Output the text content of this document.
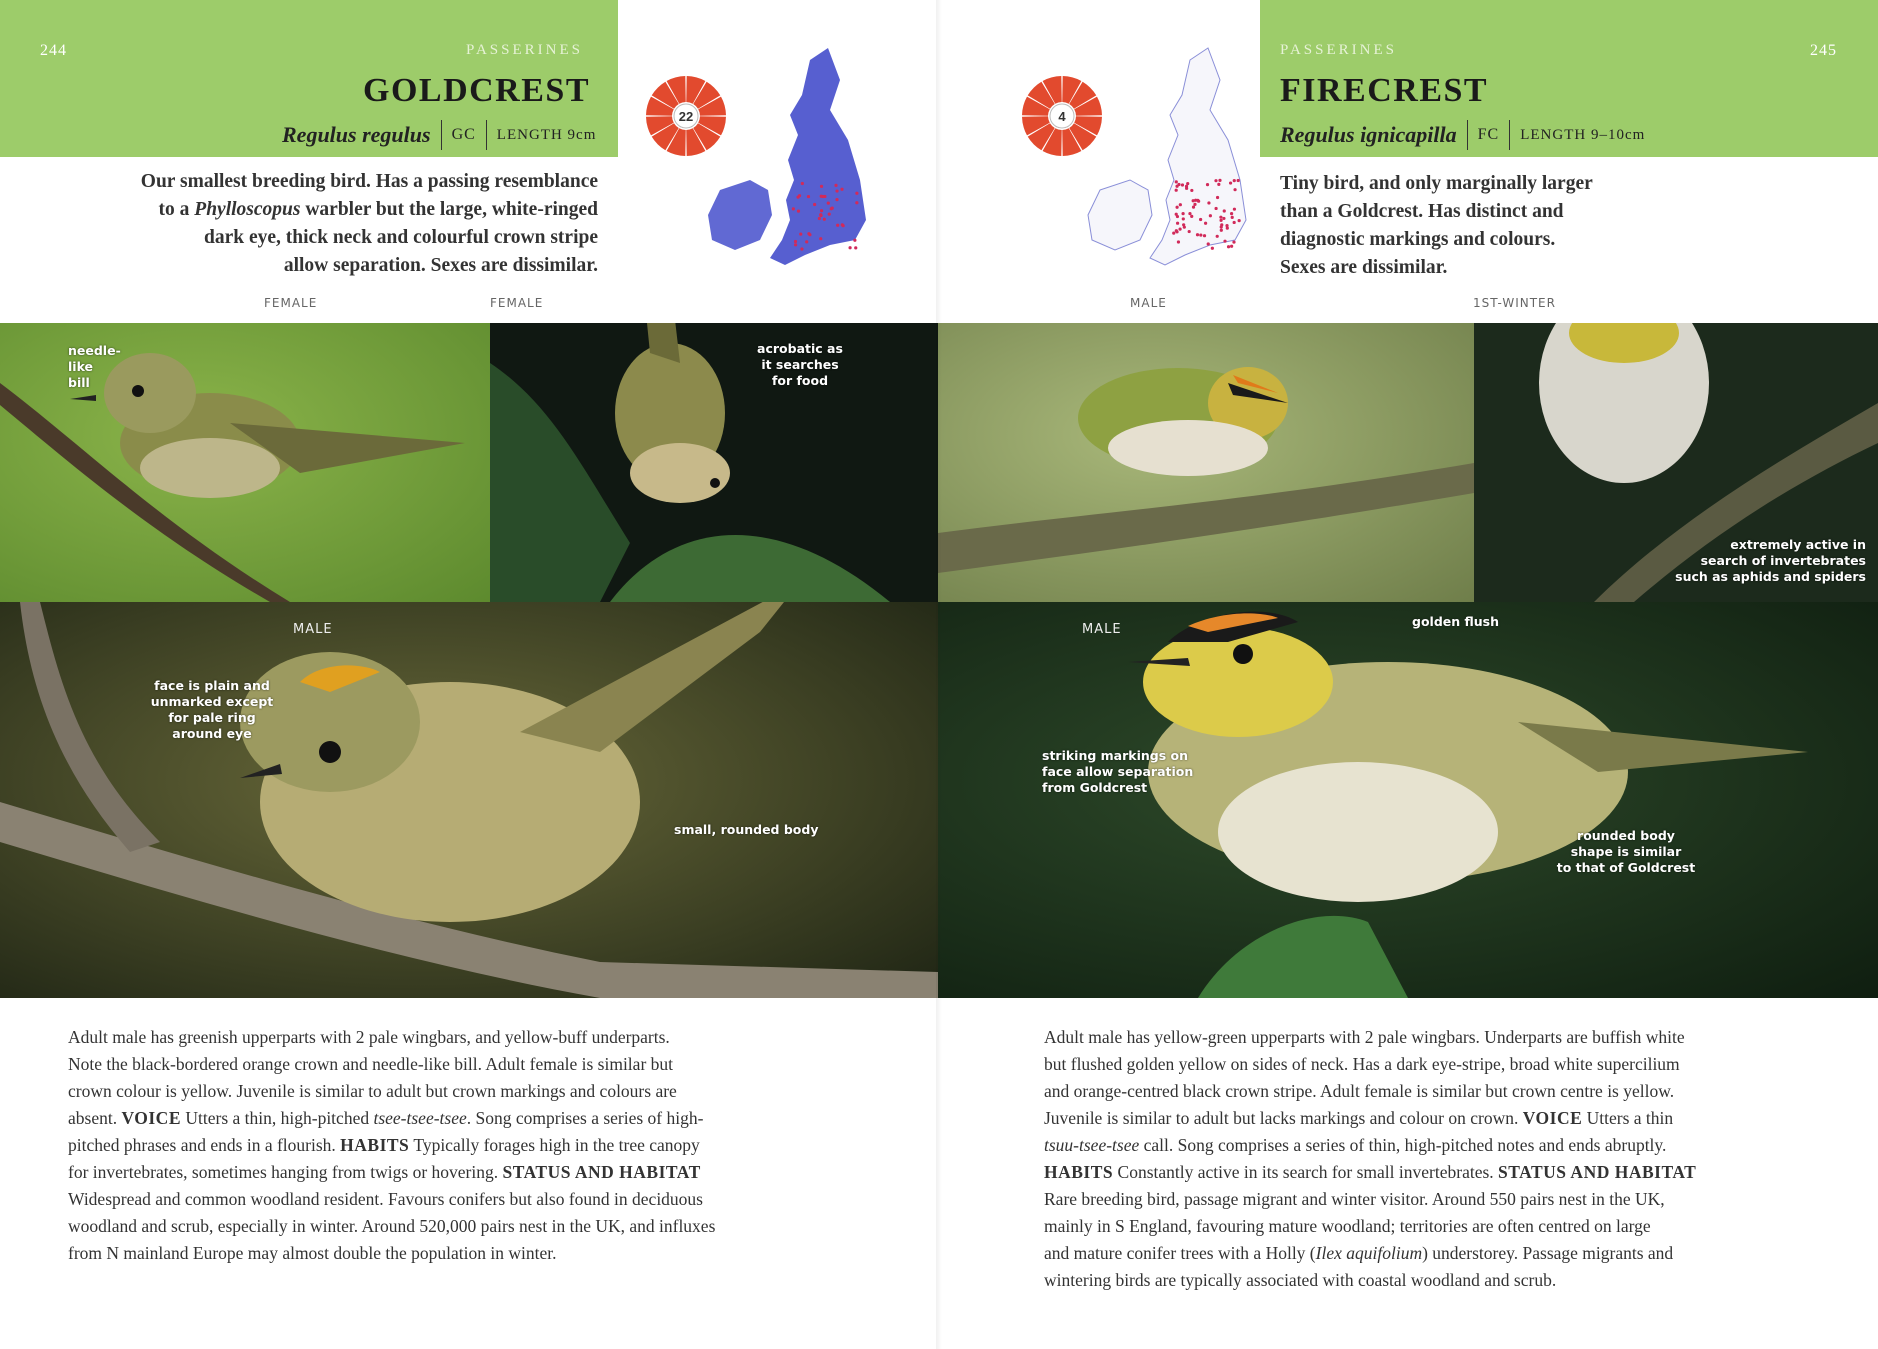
244	PASSERINES
GOLDCREST
Regulus regulus GC LENGTH 9cm
Our smallest breeding bird. Has a passing resemblance
to a Phylloscopus warbler but the large, white-ringed
dark eye, thick neck and colourful crown stripe
allow separation. Sexes are dissimilar.
FEMALE	FEMALE
PASSERINES	245
FIRECREST
Regulus ignicapilla FC LENGTH 9–10cm
Tiny bird, and only marginally larger
than a Goldcrest. Has distinct and
diagnostic markings and colours.
Sexes are dissimilar.
MALE	1ST-WINTER
22	4
needle-
like
bill
acrobatic as
it searches
for food
extremely active in
search of invertebrates
such as aphids and spiders
MALE
face is plain and
unmarked except
for pale ring
around eye
small, rounded body
MALE
golden flush
striking markings on
face allow separation
from Goldcrest
rounded body
shape is similar
to that of Goldcrest
Adult male has greenish upperparts with 2 pale wingbars, and yellow-buff underparts.
Note the black-bordered orange crown and needle-like bill. Adult female is similar but
crown colour is yellow. Juvenile is similar to adult but crown markings and colours are
absent. VOICE Utters a thin, high-pitched tsee-tsee-tsee. Song comprises a series of high-
pitched phrases and ends in a flourish. HABITS Typically forages high in the tree canopy
for invertebrates, sometimes hanging from twigs or hovering. STATUS AND HABITAT
Widespread and common woodland resident. Favours conifers but also found in deciduous
woodland and scrub, especially in winter. Around 520,000 pairs nest in the UK, and influxes
from N mainland Europe may almost double the population in winter.
Adult male has yellow-green upperparts with 2 pale wingbars. Underparts are buffish white
but flushed golden yellow on sides of neck. Has a dark eye-stripe, broad white supercilium
and orange-centred black crown stripe. Adult female is similar but crown centre is yellow.
Juvenile is similar to adult but lacks markings and colour on crown. VOICE Utters a thin
tsuu-tsee-tsee call. Song comprises a series of thin, high-pitched notes and ends abruptly.
HABITS Constantly active in its search for small invertebrates. STATUS AND HABITAT
Rare breeding bird, passage migrant and winter visitor. Around 550 pairs nest in the UK,
mainly in S England, favouring mature woodland; territories are often centred on large
and mature conifer trees with a Holly (Ilex aquifolium) understorey. Passage migrants and
wintering birds are typically associated with coastal woodland and scrub.
